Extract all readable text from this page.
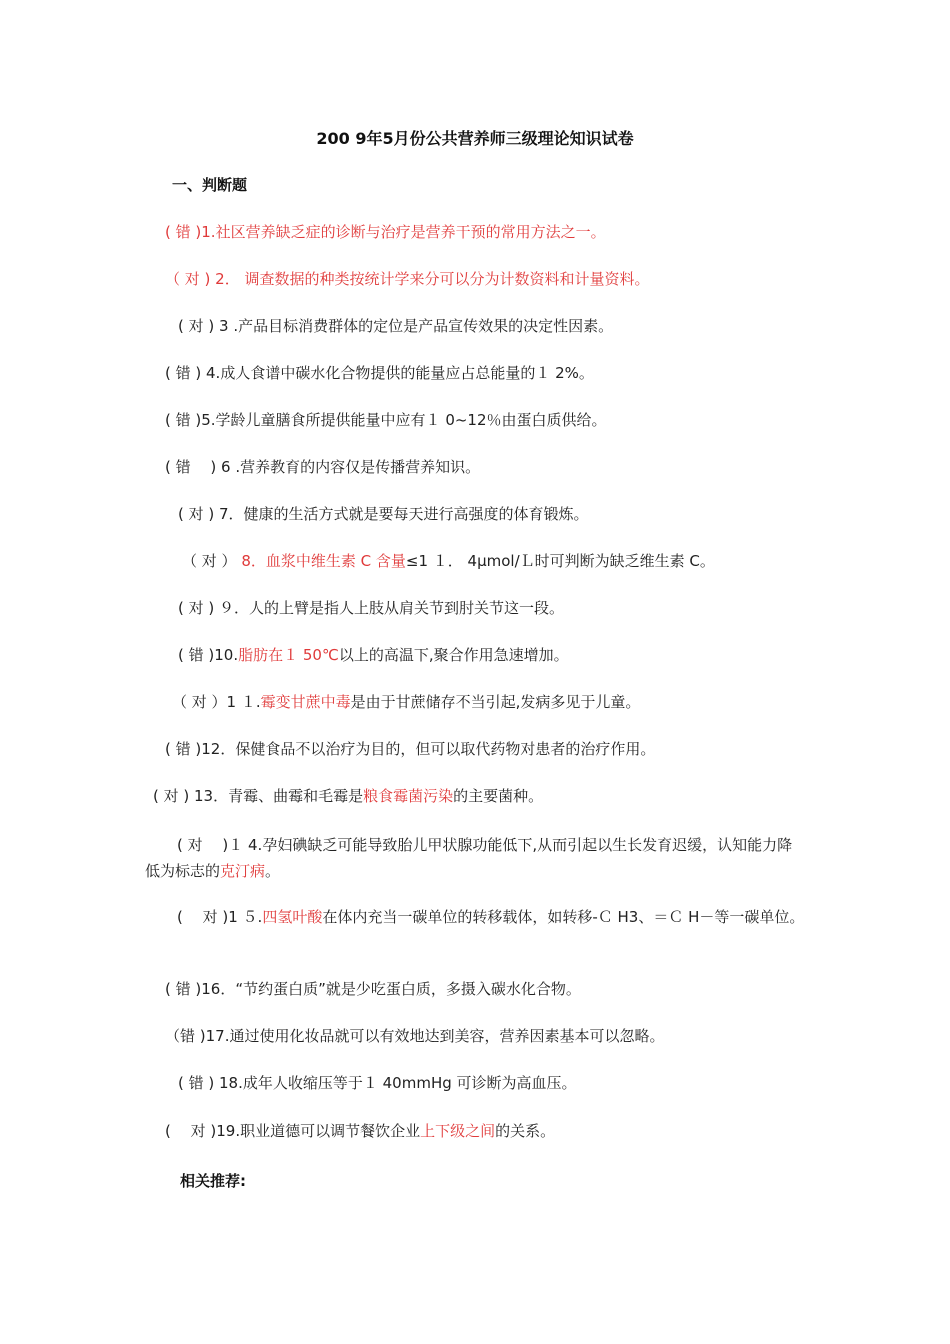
200 9年5月份公共营养师三级理论知识试卷
一、判断题
( 错 )1.社区营养缺乏症的诊断与治疗是营养干预的常用方法之一。
（ 对 ) 2． 调查数据的种类按统计学来分可以分为计数资料和计量资料。
( 对 ) 3 .产品目标消费群体的定位是产品宣传效果的决定性因素。
( 错 ) 4.成人食谱中碳水化合物提供的能量应占总能量的１ 2%。
( 错 )5.学龄儿童膳食所提供能量中应有１ 0~12％由蛋白质供给。
( 错 　) 6 .营养教育的内容仅是传播营养知识。
( 对 ) 7．健康的生活方式就是要每天进行高强度的体育锻炼。
（ 对 ） 8．血浆中维生素 C 含量≤1 １． 4μmol/Ｌ时可判断为缺乏维生素 C。
( 对 ) ９．人的上臂是指人上肢从肩关节到肘关节这一段。
( 错 )10.脂肪在１ 50℃以上的高温下,聚合作用急速增加。
（ 对 ）1 １.霉变甘蔗中毒是由于甘蔗储存不当引起,发病多见于儿童。
( 错 )12．保健食品不以治疗为目的，但可以取代药物对患者的治疗作用。
( 对 ) 13．青霉、曲霉和毛霉是粮食霉菌污染的主要菌种。
( 对 　)１ 4.孕妇碘缺乏可能导致胎儿甲状腺功能低下,从而引起以生长发育迟缓，认知能力降低为标志的克汀病。
( 　对 )1 ５.四氢叶酸在体内充当一碳单位的转移载体，如转移-Ｃ H3、＝Ｃ H－等一碳单位。
( 错 )16．“节约蛋白质”就是少吃蛋白质，多摄入碳水化合物。
（错 )17.通过使用化妆品就可以有效地达到美容，营养因素基本可以忽略。
( 错 ) 18.成年人收缩压等于１ 40mmHg 可诊断为高血压。
( 　对 )19.职业道德可以调节餐饮企业上下级之间的关系。
相关推荐:
